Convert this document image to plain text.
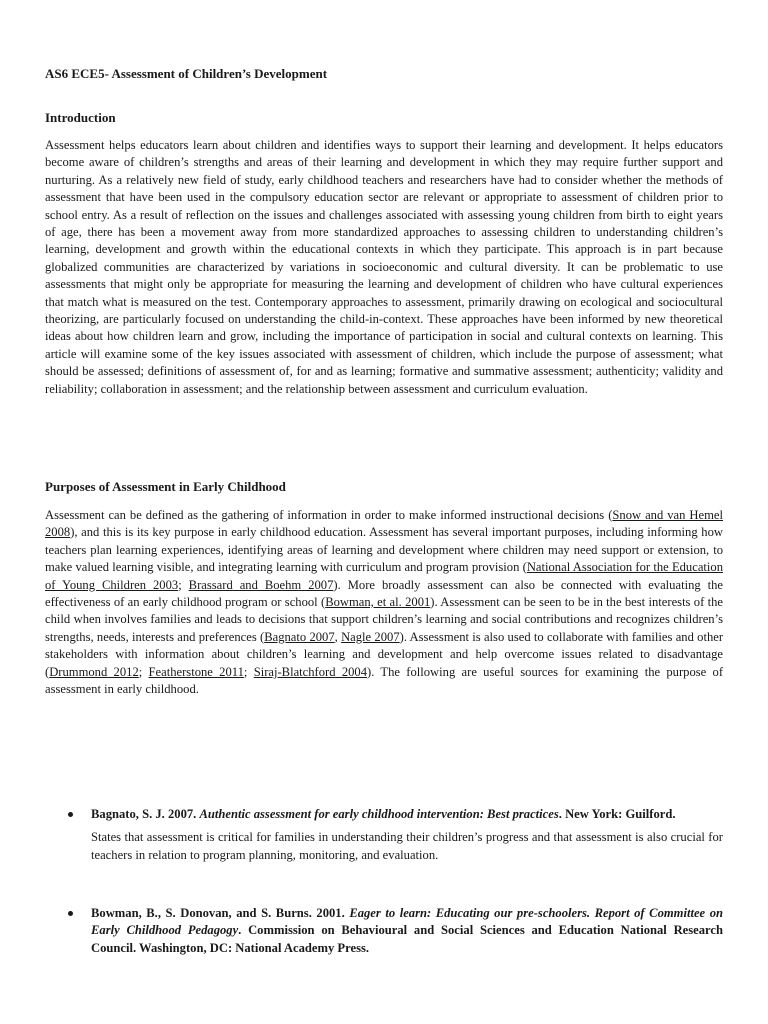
AS6 ECE5- Assessment of Children’s Development
Introduction

Assessment helps educators learn about children and identifies ways to support their learning and development. It helps educators become aware of children’s strengths and areas of their learning and development in which they may require further support and nurturing. As a relatively new field of study, early childhood teachers and researchers have had to consider whether the methods of assessment that have been used in the compulsory education sector are relevant or appropriate to assessment of children prior to school entry. As a result of reflection on the issues and challenges associated with assessing young children from birth to eight years of age, there has been a movement away from more standardized approaches to assessing children to understanding children’s learning, development and growth within the educational contexts in which they participate. This approach is in part because globalized communities are characterized by variations in socioeconomic and cultural diversity. It can be problematic to use assessments that might only be appropriate for measuring the learning and development of children who have cultural experiences that match what is measured on the test. Contemporary approaches to assessment, primarily drawing on ecological and sociocultural theorizing, are particularly focused on understanding the child-in-context. These approaches have been informed by new theoretical ideas about how children learn and grow, including the importance of participation in social and cultural contexts on learning. This article will examine some of the key issues associated with assessment of children, which include the purpose of assessment; what should be assessed; definitions of assessment of, for and as learning; formative and summative assessment; authenticity; validity and reliability; collaboration in assessment; and the relationship between assessment and curriculum evaluation.

Purposes of Assessment in Early Childhood

Assessment can be defined as the gathering of information in order to make informed instructional decisions (Snow and van Hemel 2008), and this is its key purpose in early childhood education. Assessment has several important purposes, including informing how teachers plan learning experiences, identifying areas of learning and development where children may need support or extension, to make valued learning visible, and integrating learning with curriculum and program provision (National Association for the Education of Young Children 2003; Brassard and Boehm 2007). More broadly assessment can also be connected with evaluating the effectiveness of an early childhood program or school (Bowman, et al. 2001). Assessment can be seen to be in the best interests of the child when involves families and leads to decisions that support children’s learning and social contributions and recognizes children’s strengths, needs, interests and preferences (Bagnato 2007, Nagle 2007). Assessment is also used to collaborate with families and other stakeholders with information about children’s learning and development and help overcome issues related to disadvantage (Drummond 2012; Featherstone 2011; Siraj-Blatchford 2004). The following are useful sources for examining the purpose of assessment in early childhood.

Bagnato, S. J. 2007. Authentic assessment for early childhood intervention: Best practices. New York: Guilford.
States that assessment is critical for families in understanding their children’s progress and that assessment is also crucial for teachers in relation to program planning, monitoring, and evaluation.
Bowman, B., S. Donovan, and S. Burns. 2001. Eager to learn: Educating our pre-schoolers. Report of Committee on Early Childhood Pedagogy. Commission on Behavioural and Social Sciences and Education National Research Council. Washington, DC: National Academy Press.
